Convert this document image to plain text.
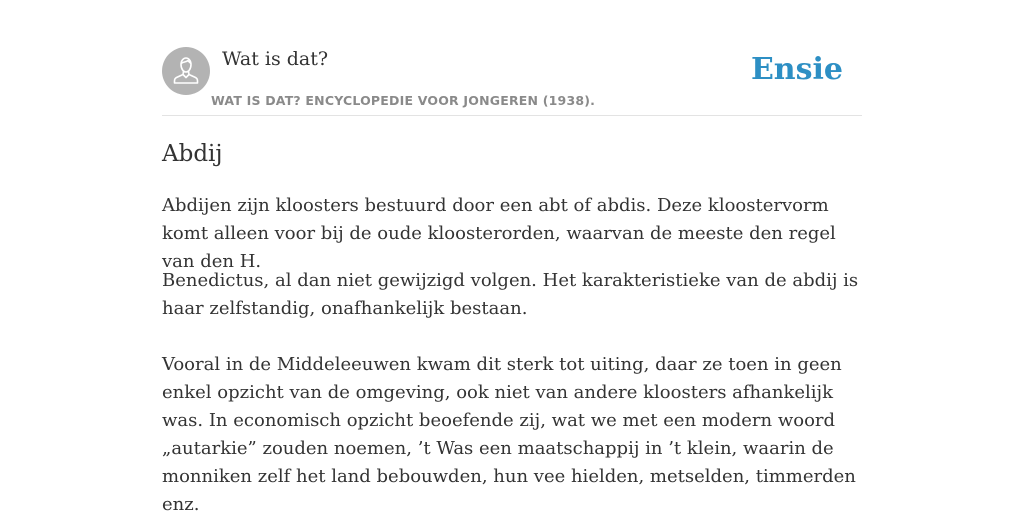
Wat is dat?
WAT IS DAT? ENCYCLOPEDIE VOOR JONGEREN (1938).
Ensie
Abdij

Abdijen zijn kloosters bestuurd door een abt of abdis. Deze kloostervorm komt alleen voor bij de oude kloosterorden, waarvan de meeste den regel van den H.

Benedictus, al dan niet gewijzigd volgen. Het karakteristieke van de abdij is haar zelfstandig, onafhankelijk bestaan.

Vooral in de Middeleeuwen kwam dit sterk tot uiting, daar ze toen in geen enkel opzicht van de omgeving, ook niet van andere kloosters afhankelijk was. In economisch opzicht beoefende zij, wat we met een modern woord „autarkie” zouden noemen, ’t Was een maatschappij in ’t klein, waarin de monniken zelf het land bebouwden, hun vee hielden, metselden, timmerden enz.
